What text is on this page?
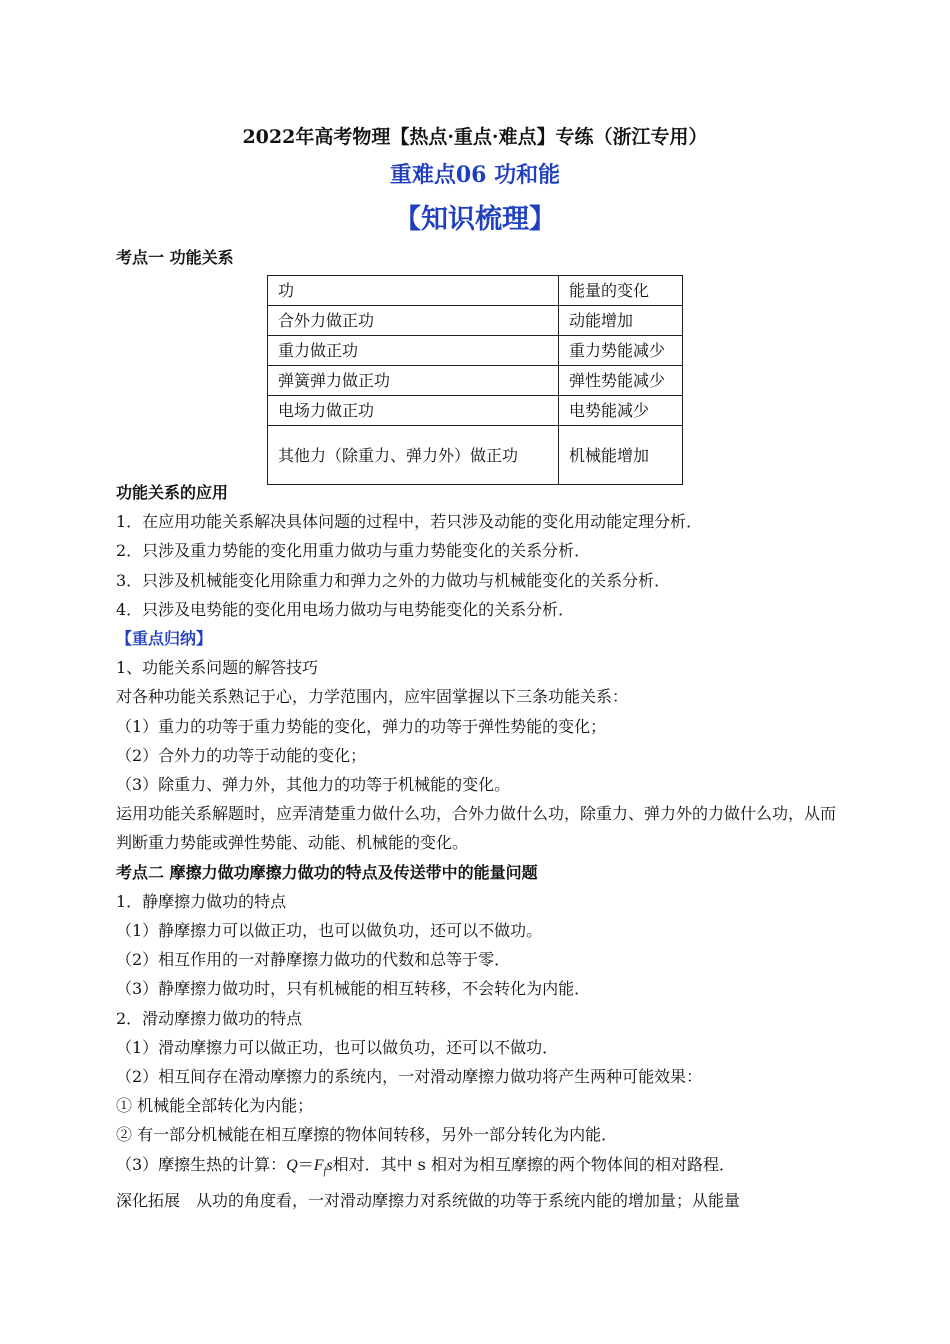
2022年高考物理【热点·重点·难点】专练（浙江专用）
重难点06 功和能
【知识梳理】
考点一 功能关系
功	能量的变化
合外力做正功	动能增加
重力做正功	重力势能减少
弹簧弹力做正功	弹性势能减少
电场力做正功	电势能减少
其他力（除重力、弹力外）做正功	机械能增加

功能关系的应用

1．在应用功能关系解决具体问题的过程中，若只涉及动能的变化用动能定理分析．

2．只涉及重力势能的变化用重力做功与重力势能变化的关系分析．

3．只涉及机械能变化用除重力和弹力之外的力做功与机械能变化的关系分析．

4．只涉及电势能的变化用电场力做功与电势能变化的关系分析．

【重点归纳】

1、功能关系问题的解答技巧

对各种功能关系熟记于心，力学范围内，应牢固掌握以下三条功能关系：

（1）重力的功等于重力势能的变化，弹力的功等于弹性势能的变化；

（2）合外力的功等于动能的变化；

（3）除重力、弹力外，其他力的功等于机械能的变化。

运用功能关系解题时，应弄清楚重力做什么功，合外力做什么功，除重力、弹力外的力做什么功，从而判断重力势能或弹性势能、动能、机械能的变化。

考点二 摩擦力做功摩擦力做功的特点及传送带中的能量问题

1．静摩擦力做功的特点

（1）静摩擦力可以做正功，也可以做负功，还可以不做功。

（2）相互作用的一对静摩擦力做功的代数和总等于零．

（3）静摩擦力做功时，只有机械能的相互转移，不会转化为内能．

2．滑动摩擦力做功的特点

（1）滑动摩擦力可以做正功，也可以做负功，还可以不做功．

（2）相互间存在滑动摩擦力的系统内，一对滑动摩擦力做功将产生两种可能效果：

① 机械能全部转化为内能；

② 有一部分机械能在相互摩擦的物体间转移，另外一部分转化为内能．

（3）摩擦生热的计算：$Q=F_fs$相对．其中 s 相对为相互摩擦的两个物体间的相对路程．

深化拓展　从功的角度看，一对滑动摩擦力对系统做的功等于系统内能的增加量；从能量
